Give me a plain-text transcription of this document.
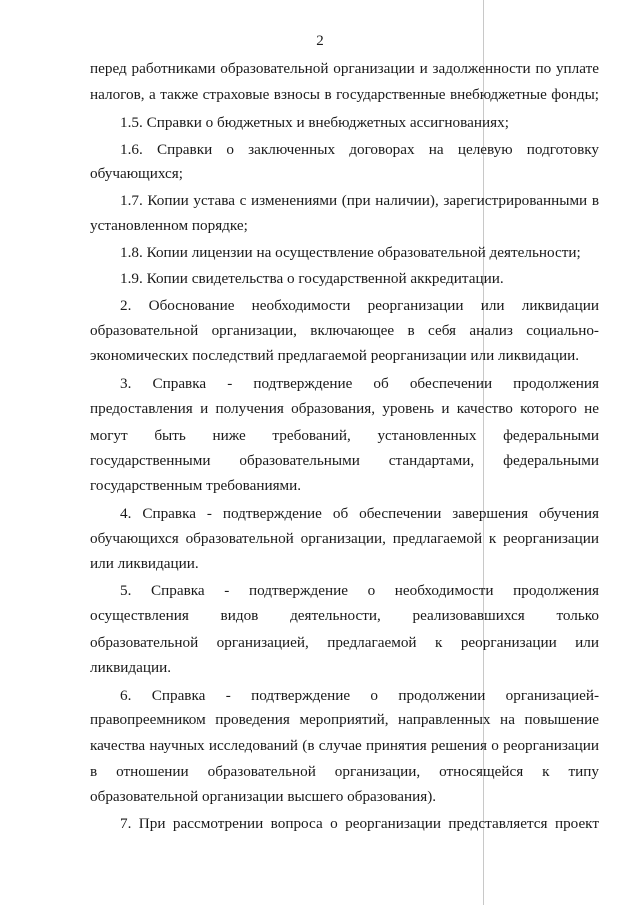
2
перед работниками образовательной организации и задолженности по уплате
налогов, а также страховые взносы в государственные внебюджетные фонды;
1.5. Справки о бюджетных и внебюджетных ассигнованиях;
1.6. Справки о заключенных договорах на целевую подготовку
обучающихся;
1.7. Копии устава с изменениями (при наличии), зарегистрированными в
установленном порядке;
1.8. Копии лицензии на осуществление образовательной деятельности;
1.9. Копии свидетельства о государственной аккредитации.
2. Обоснование необходимости реорганизации или ликвидации
образовательной организации, включающее в себя анализ социально-
экономических последствий предлагаемой реорганизации или ликвидации.
3. Справка - подтверждение об обеспечении продолжения
предоставления и получения образования, уровень и качество которого не
могут быть ниже требований, установленных федеральными
государственными образовательными стандартами, федеральными
государственным требованиями.
4. Справка - подтверждение об обеспечении завершения обучения
обучающихся образовательной организации, предлагаемой к реорганизации
или ликвидации.
5. Справка - подтверждение о необходимости продолжения
осуществления видов деятельности, реализовавшихся только
образовательной организацией, предлагаемой к реорганизации или
ликвидации.
6. Справка - подтверждение о продолжении организацией-
правопреемником проведения мероприятий, направленных на повышение
качества научных исследований (в случае принятия решения о реорганизации
в отношении образовательной организации, относящейся к типу
образовательной организации высшего образования).
7. При рассмотрении вопроса о реорганизации представляется проект
